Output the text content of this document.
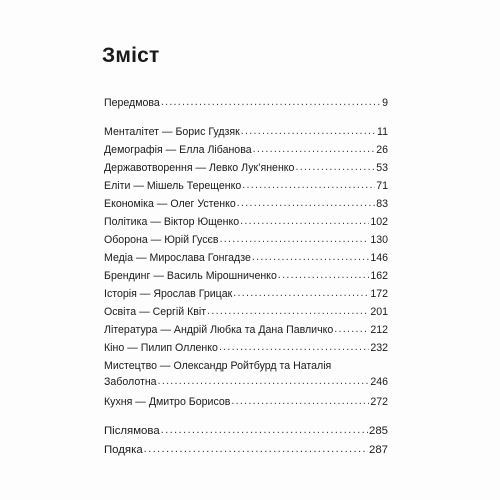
Зміст
Передмова .....	9
Менталітет — Борис Гудзяк .....	11
Демографія — Елла Лібанова .....	26
Державотворення — Левко Лук’яненко .....	53
Еліти — Мішель Терещенко .....	71
Економіка — Олег Устенко .....	83
Політика — Віктор Ющенко .....	102
Оборона — Юрій Гусєв .....	130
Медіа — Мирослава Гонгадзе .....	146
Брендинг — Василь Мірошниченко .....	162
Історія — Ярослав Грицак .....	172
Освіта — Сергій Квіт .....	201
Література — Андрій Любка та Дана Павличко .....	212
Кіно — Пилип Олленко .....	232
Мистецтво — Олександр Ройтбурд та Наталія
Заболотна .....	246
Кухня — Дмитро Борисов .....	272
Післямова .....	285
Подяка .....	287
